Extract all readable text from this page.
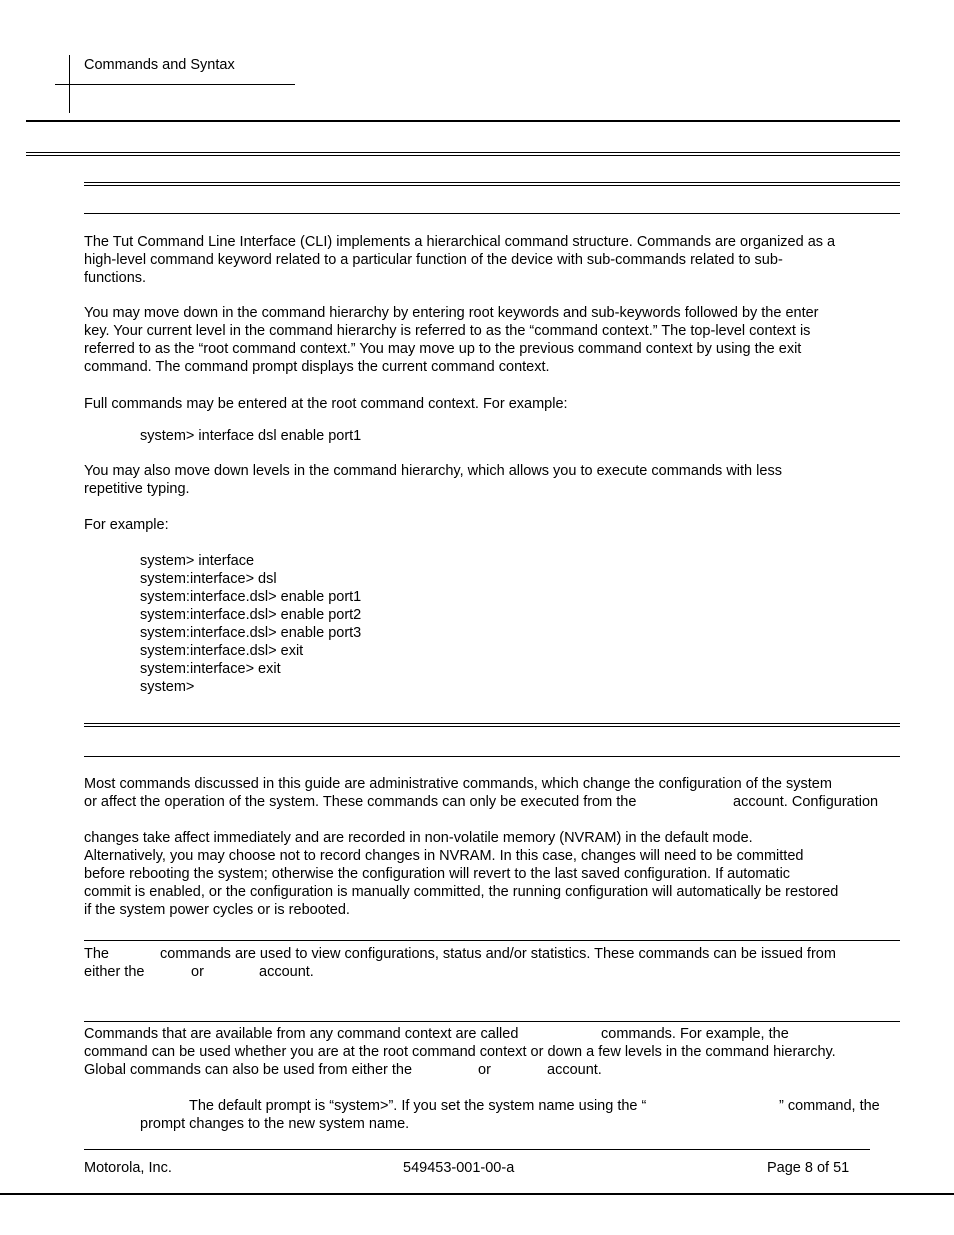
Commands and Syntax
The Tut Command Line Interface (CLI) implements a hierarchical command structure. Commands are organized as a
high-level command keyword related to a particular function of the device with sub-commands related to sub-
functions.
You may move down in the command hierarchy by entering root keywords and sub-keywords followed by the enter
key. Your current level in the command hierarchy is referred to as the “command context.” The top-level context is
referred to as the “root command context.” You may move up to the previous command context by using the exit
command. The command prompt displays the current command context.
Full commands may be entered at the root command context. For example:
system> interface dsl enable port1
You may also move down levels in the command hierarchy, which allows you to execute commands with less
repetitive typing.
For example:
system> interface
system:interface> dsl
system:interface.dsl> enable port1
system:interface.dsl> enable port2
system:interface.dsl> enable port3
system:interface.dsl> exit
system:interface> exit
system>
Most commands discussed in this guide are administrative commands, which change the configuration of the system
or affect the operation of the system. These commands can only be executed from the	account. Configuration
changes take affect immediately and are recorded in non-volatile memory (NVRAM) in the default mode.
Alternatively, you may choose not to record changes in NVRAM. In this case, changes will need to be committed
before rebooting the system; otherwise the configuration will revert to the last saved configuration. If automatic
commit is enabled, or the configuration is manually committed, the running configuration will automatically be restored
if the system power cycles or is rebooted.
The	commands are used to view configurations, status and/or statistics. These commands can be issued from
either the	or	account.
Commands that are available from any command context are called	commands. For example, the
command can be used whether you are at the root command context or down a few levels in the command hierarchy.
Global commands can also be used from either the	or	account.
The default prompt is “system>”. If you set the system name using the “	” command, the
prompt changes to the new system name.
Motorola, Inc.	549453-001-00-a	Page 8 of 51
